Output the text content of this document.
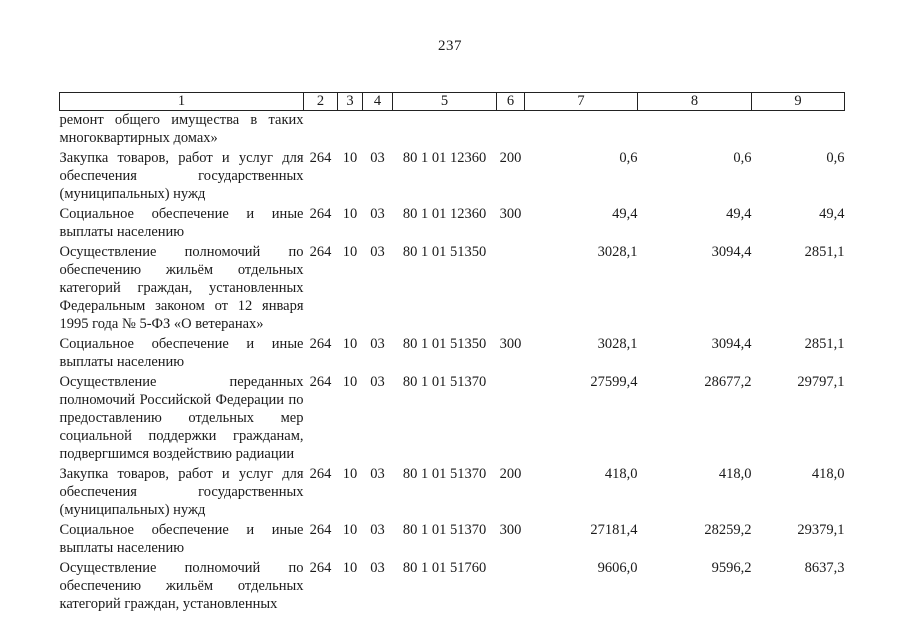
237
1	2	3	4	5	6	7	8	9
ремонт общего имущества в таких многоквартирных домах»								
Закупка товаров, работ и услуг для обеспечения государственных (муниципальных) нужд	264	10	03	80 1 01 12360	200	0,6	0,6	0,6
Социальное обеспечение и иные выплаты населению	264	10	03	80 1 01 12360	300	49,4	49,4	49,4
Осуществление полномочий по обеспечению жильём отдельных категорий граждан, установленных Федеральным законом от 12 января 1995 года № 5-ФЗ «О ветеранах»	264	10	03	80 1 01 51350		3028,1	3094,4	2851,1
Социальное обеспечение и иные выплаты населению	264	10	03	80 1 01 51350	300	3028,1	3094,4	2851,1
Осуществление переданных полномочий Российской Федерации по предоставлению отдельных мер социальной поддержки гражданам, подвергшимся воздействию радиации	264	10	03	80 1 01 51370		27599,4	28677,2	29797,1
Закупка товаров, работ и услуг для обеспечения государственных (муниципальных) нужд	264	10	03	80 1 01 51370	200	418,0	418,0	418,0
Социальное обеспечение и иные выплаты населению	264	10	03	80 1 01 51370	300	27181,4	28259,2	29379,1
Осуществление полномочий по обеспечению жильём отдельных категорий граждан, установленных	264	10	03	80 1 01 51760		9606,0	9596,2	8637,3
